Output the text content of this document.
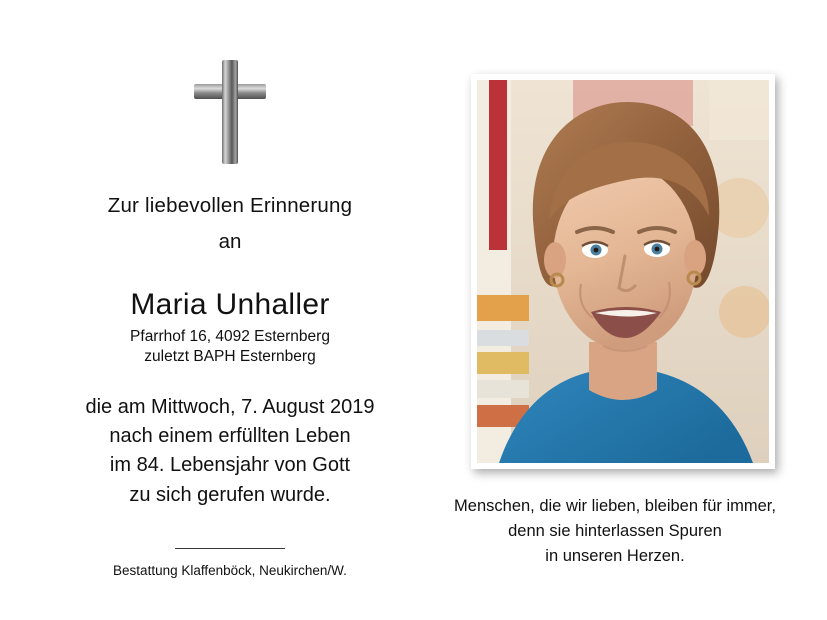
Zur liebevollen Erinnerung
an
Maria Unhaller
Pfarrhof 16, 4092 Esternberg
zuletzt BAPH Esternberg
die am Mittwoch, 7. August 2019
nach einem erfüllten Leben
im 84. Lebensjahr von Gott
zu sich gerufen wurde.
Bestattung Klaffenböck, Neukirchen/W.
Menschen, die wir lieben, bleiben für immer,
denn sie hinterlassen Spuren
in unseren Herzen.
